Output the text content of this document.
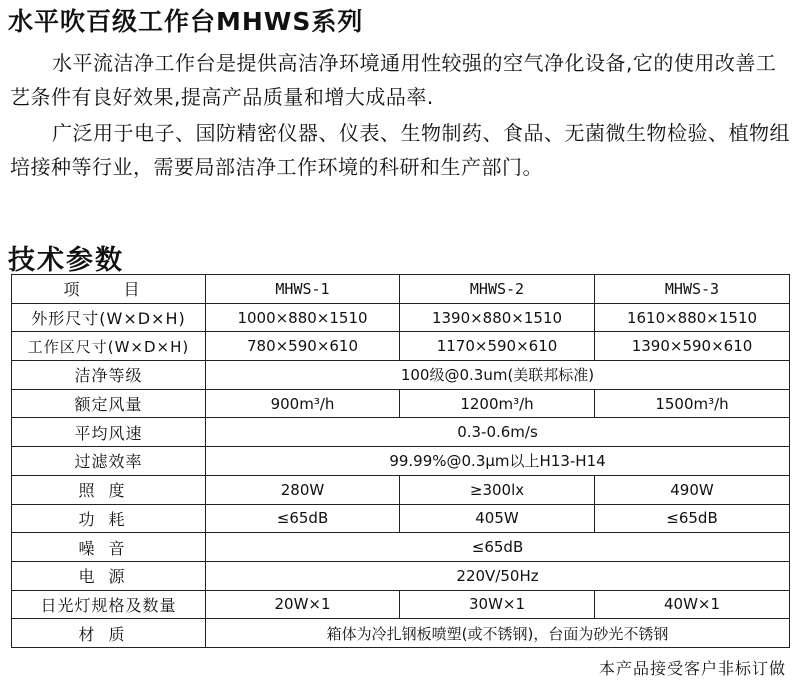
水平吹百级工作台MHWS系列
水平流洁净工作台是提供高洁净环境通用性较强的空气净化设备,它的使用改善工艺条件有良好效果,提高产品质量和增大成品率.
广泛用于电子、国防精密仪器、仪表、生物制药、食品、无菌微生物检验、植物组培接种等行业，需要局部洁净工作环境的科研和生产部门。
技术参数
项　目	MHWS-1	MHWS-2	MHWS-3
外形尺寸(W×D×H)	1000×880×1510	1390×880×1510	1610×880×1510
工作区尺寸(W×D×H)	780×590×610	1170×590×610	1390×590×610
洁净等级	100级@0.3um(美联邦标准)		
额定风量	900m³/h	1200m³/h	1500m³/h
平均风速	0.3-0.6m/s		
过滤效率	99.99%@0.3μm以上H13-H14		
照度	280W	≥300lx	490W
功耗	≤65dB	405W	≤65dB
噪音	≤65dB		
电源	220V/50Hz		
日光灯规格及数量	20W×1	30W×1	40W×1
材质	箱体为冷扎钢板喷塑(或不锈钢)，台面为砂光不锈钢		
本产品接受客户非标订做
